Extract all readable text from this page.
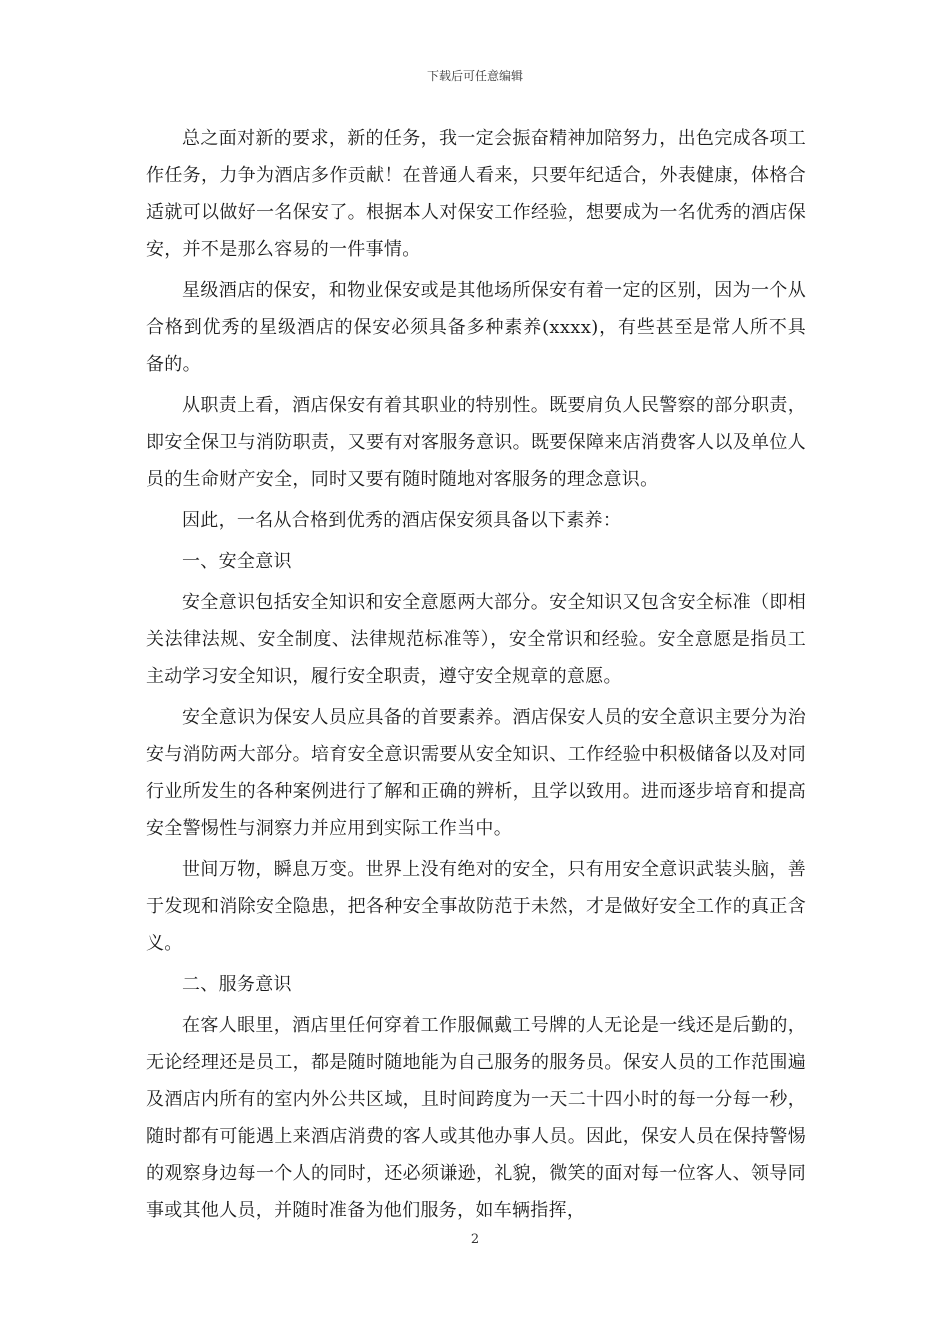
下载后可任意编辑

总之面对新的要求，新的任务，我一定会振奋精神加陪努力，出色完成各项工作任务，力争为酒店多作贡献！在普通人看来，只要年纪适合，外表健康，体格合适就可以做好一名保安了。根据本人对保安工作经验，想要成为一名优秀的酒店保安，并不是那么容易的一件事情。

星级酒店的保安，和物业保安或是其他场所保安有着一定的区别，因为一个从合格到优秀的星级酒店的保安必须具备多种素养(xxxx)，有些甚至是常人所不具备的。

从职责上看，酒店保安有着其职业的特别性。既要肩负人民警察的部分职责，即安全保卫与消防职责，又要有对客服务意识。既要保障来店消费客人以及单位人员的生命财产安全，同时又要有随时随地对客服务的理念意识。

因此，一名从合格到优秀的酒店保安须具备以下素养：

一、安全意识

安全意识包括安全知识和安全意愿两大部分。安全知识又包含安全标准（即相关法律法规、安全制度、法律规范标准等），安全常识和经验。安全意愿是指员工主动学习安全知识，履行安全职责，遵守安全规章的意愿。

安全意识为保安人员应具备的首要素养。酒店保安人员的安全意识主要分为治安与消防两大部分。培育安全意识需要从安全知识、工作经验中积极储备以及对同行业所发生的各种案例进行了解和正确的辨析，且学以致用。进而逐步培育和提高安全警惕性与洞察力并应用到实际工作当中。

世间万物，瞬息万变。世界上没有绝对的安全，只有用安全意识武装头脑，善于发现和消除安全隐患，把各种安全事故防范于未然，才是做好安全工作的真正含义。

二、服务意识

在客人眼里，酒店里任何穿着工作服佩戴工号牌的人无论是一线还是后勤的，无论经理还是员工，都是随时随地能为自己服务的服务员。保安人员的工作范围遍及酒店内所有的室内外公共区域，且时间跨度为一天二十四小时的每一分每一秒，随时都有可能遇上来酒店消费的客人或其他办事人员。因此，保安人员在保持警惕的观察身边每一个人的同时，还必须谦逊，礼貌，微笑的面对每一位客人、领导同事或其他人员，并随时准备为他们服务，如车辆指挥，

2
